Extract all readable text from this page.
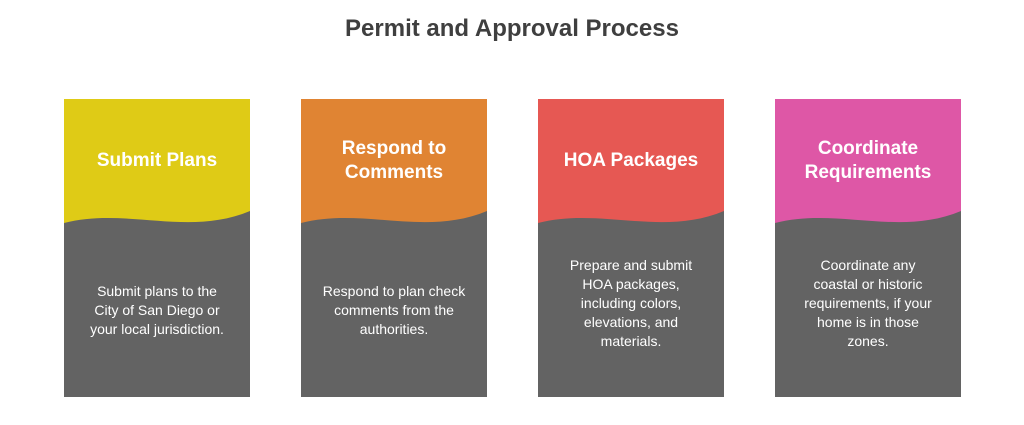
Permit and Approval Process
Submit Plans
Submit plans to the
City of San Diego or
your local jurisdiction.
Respond to
Comments
Respond to plan check
comments from the
authorities.
HOA Packages
Prepare and submit
HOA packages,
including colors,
elevations, and
materials.
Coordinate
Requirements
Coordinate any
coastal or historic
requirements, if your
home is in those
zones.
